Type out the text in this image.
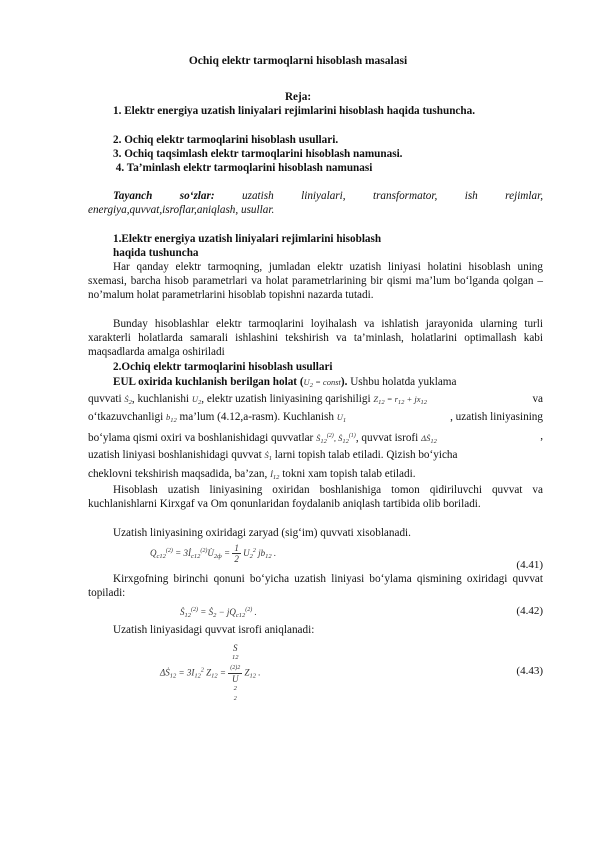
Ochiq elektr tarmoqlarni hisoblash masalasi
Reja:
1. Elektr energiya uzatish liniyalari rejimlarini hisoblash haqida tushuncha.
2. Ochiq elektr tarmoqlarini hisoblash usullari.
3. Ochiq taqsimlash elektr tarmoqlarini hisoblash namunasi.
4. Ta’minlash elektr tarmoqlarini hisoblash namunasi
Tayanch so‘zlar: uzatish liniyalari, transformator, ish rejimlar, energiya,quvvat,isroflar,aniqlash, usullar.
1.Elektr energiya uzatish liniyalari rejimlarini hisoblash
haqida tushuncha
Har qanday elektr tarmoqning, jumladan elektr uzatish liniyasi holatini hisoblash uning sxemasi, barcha hisob parametrlari va holat parametrlarining bir qismi ma’lum bo‘lganda qolgan – no’malum holat parametrlarini hisoblab topishni nazarda tutadi.
Bunday hisoblashlar elektr tarmoqlarini loyihalash va ishlatish jarayonida ularning turli xarakterli holatlarda samarali ishlashini tekshirish va ta’minlash, holatlarini optimallash kabi maqsadlarda amalga oshiriladi
2.Ochiq elektr tarmoqlarini hisoblash usullari
EUL oxirida kuchlanish berilgan holat ($U_2$ = const). Ushbu holatda yuklama
quvvati Ṡ$_2$, kuchlanishi $U_2$, elektr uzatish liniyasining qarishiligi $Z_{12} = r_{12} + jx_{12}$	va
o‘tkazuvchanligi $b_{12}$ ma’lum (4.12,a-rasm). Kuchlanish $U_1$	, uzatish liniyasining
bo‘ylama qismi oxiri va boshlanishidagi quvvatlar Ṡ$_{12}^{(2)}$, Ṡ$_{12}^{(1)}$, quvvat isrofi ΔṠ$_{12}$	,
uzatish liniyasi boshlanishidagi quvvat Ṡ$_1$ larni topish talab etiladi. Qizish bo‘yicha
cheklovni tekshirish maqsadida, ba’zan, $İ_{12}$ tokni xam topish talab etiladi.
Hisoblash uzatish liniyasining oxiridan boshlanishiga tomon qidiriluvchi quvvat va kuchlanishlarni Kirxgaf va Om qonunlaridan foydalanib aniqlash tartibida olib boriladi.
Uzatish liniyasining oxiridagi zaryad (sig‘im) quvvati xisoblanadi.
$Q_{c12}^{(2)}$ = $3İ_{c12}^{(2)}U̇_{2ф} = \frac{1}{2} U_2^2$ $jb_{12}$ .
(4.41)
Kirxgofning birinchi qonuni bo‘yicha uzatish liniyasi bo‘ylama qismining oxiridagi quvvat topiladi:
Ṡ$_{12}^{(2)}$ = Ṡ$_2$ − $jQ_{c12}^{(2)}$ .	(4.42)
Uzatish liniyasidagi quvvat isrofi aniqlanadi:
ΔṠ$_{12}$ = $3I_{12}^2$ $Z_{12} = S$
12
(2)2
U
2
2 $Z_{12}$ .	(4.43)
